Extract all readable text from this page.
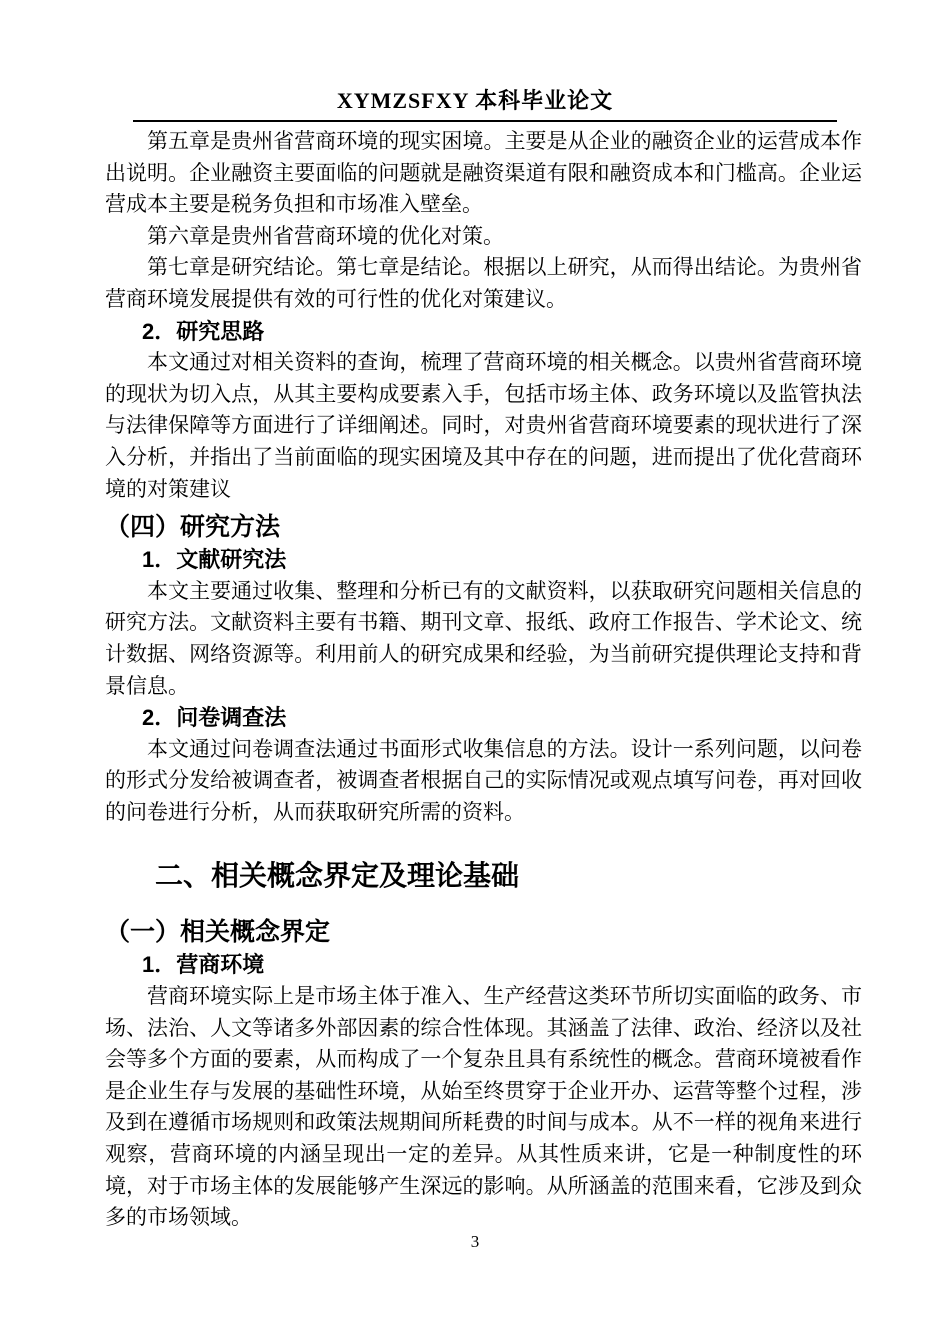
XYMZSFXY 本科毕业论文

第五章是贵州省营商环境的现实困境。主要是从企业的融资企业的运营成本作出说明。企业融资主要面临的问题就是融资渠道有限和融资成本和门槛高。企业运营成本主要是税务负担和市场准入壁垒。

第六章是贵州省营商环境的优化对策。

第七章是研究结论。第七章是结论。根据以上研究，从而得出结论。为贵州省营商环境发展提供有效的可行性的优化对策建议。

2．研究思路

本文通过对相关资料的查询，梳理了营商环境的相关概念。以贵州省营商环境的现状为切入点，从其主要构成要素入手，包括市场主体、政务环境以及监管执法与法律保障等方面进行了详细阐述。同时，对贵州省营商环境要素的现状进行了深入分析，并指出了当前面临的现实困境及其中存在的问题，进而提出了优化营商环境的对策建议

（四）研究方法
1．文献研究法

本文主要通过收集、整理和分析已有的文献资料，以获取研究问题相关信息的研究方法。文献资料主要有书籍、期刊文章、报纸、政府工作报告、学术论文、统计数据、网络资源等。利用前人的研究成果和经验，为当前研究提供理论支持和背景信息。

2．问卷调查法

本文通过问卷调查法通过书面形式收集信息的方法。设计一系列问题，以问卷的形式分发给被调查者，被调查者根据自己的实际情况或观点填写问卷，再对回收的问卷进行分析，从而获取研究所需的资料。

二、相关概念界定及理论基础
（一）相关概念界定
1．营商环境

营商环境实际上是市场主体于准入、生产经营这类环节所切实面临的政务、市场、法治、人文等诸多外部因素的综合性体现。其涵盖了法律、政治、经济以及社会等多个方面的要素，从而构成了一个复杂且具有系统性的概念。营商环境被看作是企业生存与发展的基础性环境，从始至终贯穿于企业开办、运营等整个过程，涉及到在遵循市场规则和政策法规期间所耗费的时间与成本。从不一样的视角来进行观察，营商环境的内涵呈现出一定的差异。从其性质来讲，它是一种制度性的环境，对于市场主体的发展能够产生深远的影响。从所涵盖的范围来看，它涉及到众多的市场领域。

3
